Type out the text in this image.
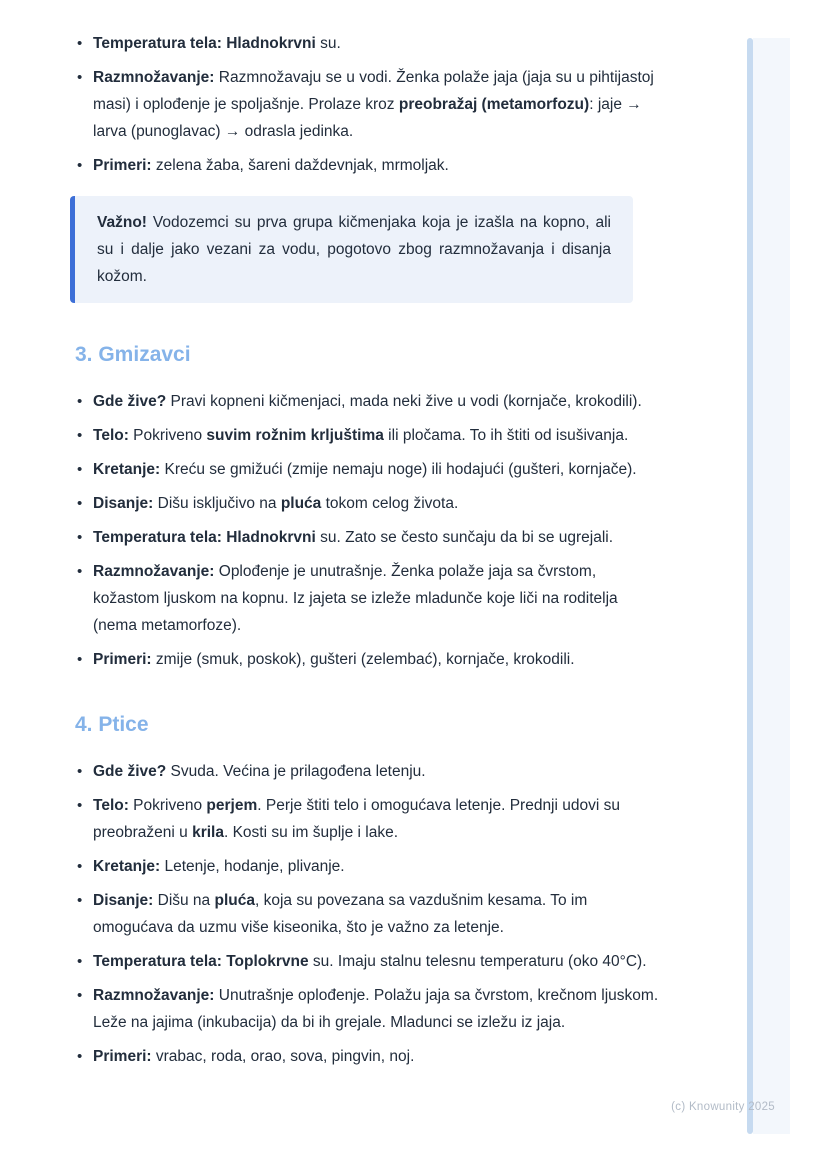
• Temperatura tela: Hladnokrvni su.
• Razmnožavanje: Razmnožavaju se u vodi. Ženka polaže jaja (jaja su u pihtijastoj masi) i oplođenje je spoljašnje. Prolaze kroz preobražaj (metamorfozu): jaje → larva (punoglavac) → odrasla jedinka.
• Primeri: zelena žaba, šareni daždevnjak, mrmoljak.

Važno! Vodozemci su prva grupa kičmenjaka koja je izašla na kopno, ali su i dalje jako vezani za vodu, pogotovo zbog razmnožavanja i disanja kožom.

3. Gmizavci
• Gde žive? Pravi kopneni kičmenjaci, mada neki žive u vodi (kornjače, krokodili).
• Telo: Pokriveno suvim rožnim krljuštima ili pločama. To ih štiti od isušivanja.
• Kretanje: Kreću se gmižući (zmije nemaju noge) ili hodajući (gušteri, kornjače).
• Disanje: Dišu isključivo na pluća tokom celog života.
• Temperatura tela: Hladnokrvni su. Zato se često sunčaju da bi se ugrejali.
• Razmnožavanje: Oplođenje je unutrašnje. Ženka polaže jaja sa čvrstom, kožastom ljuskom na kopnu. Iz jajeta se izleže mladunče koje liči na roditelja (nema metamorfoze).
• Primeri: zmije (smuk, poskok), gušteri (zelembać), kornjače, krokodili.
4. Ptice
• Gde žive? Svuda. Većina je prilagođena letenju.
• Telo: Pokriveno perjem. Perje štiti telo i omogućava letenje. Prednji udovi su preobraženi u krila. Kosti su im šuplje i lake.
• Kretanje: Letenje, hodanje, plivanje.
• Disanje: Dišu na pluća, koja su povezana sa vazdušnim kesama. To im omogućava da uzmu više kiseonika, što je važno za letenje.
• Temperatura tela: Toplokrvne su. Imaju stalnu telesnu temperaturu (oko 40°C).
• Razmnožavanje: Unutrašnje oplođenje. Polažu jaja sa čvrstom, krečnom ljuskom. Leže na jajima (inkubacija) da bi ih grejale. Mladunci se izležu iz jaja.
• Primeri: vrabac, roda, orao, sova, pingvin, noj.
(c) Knowunity 2025
